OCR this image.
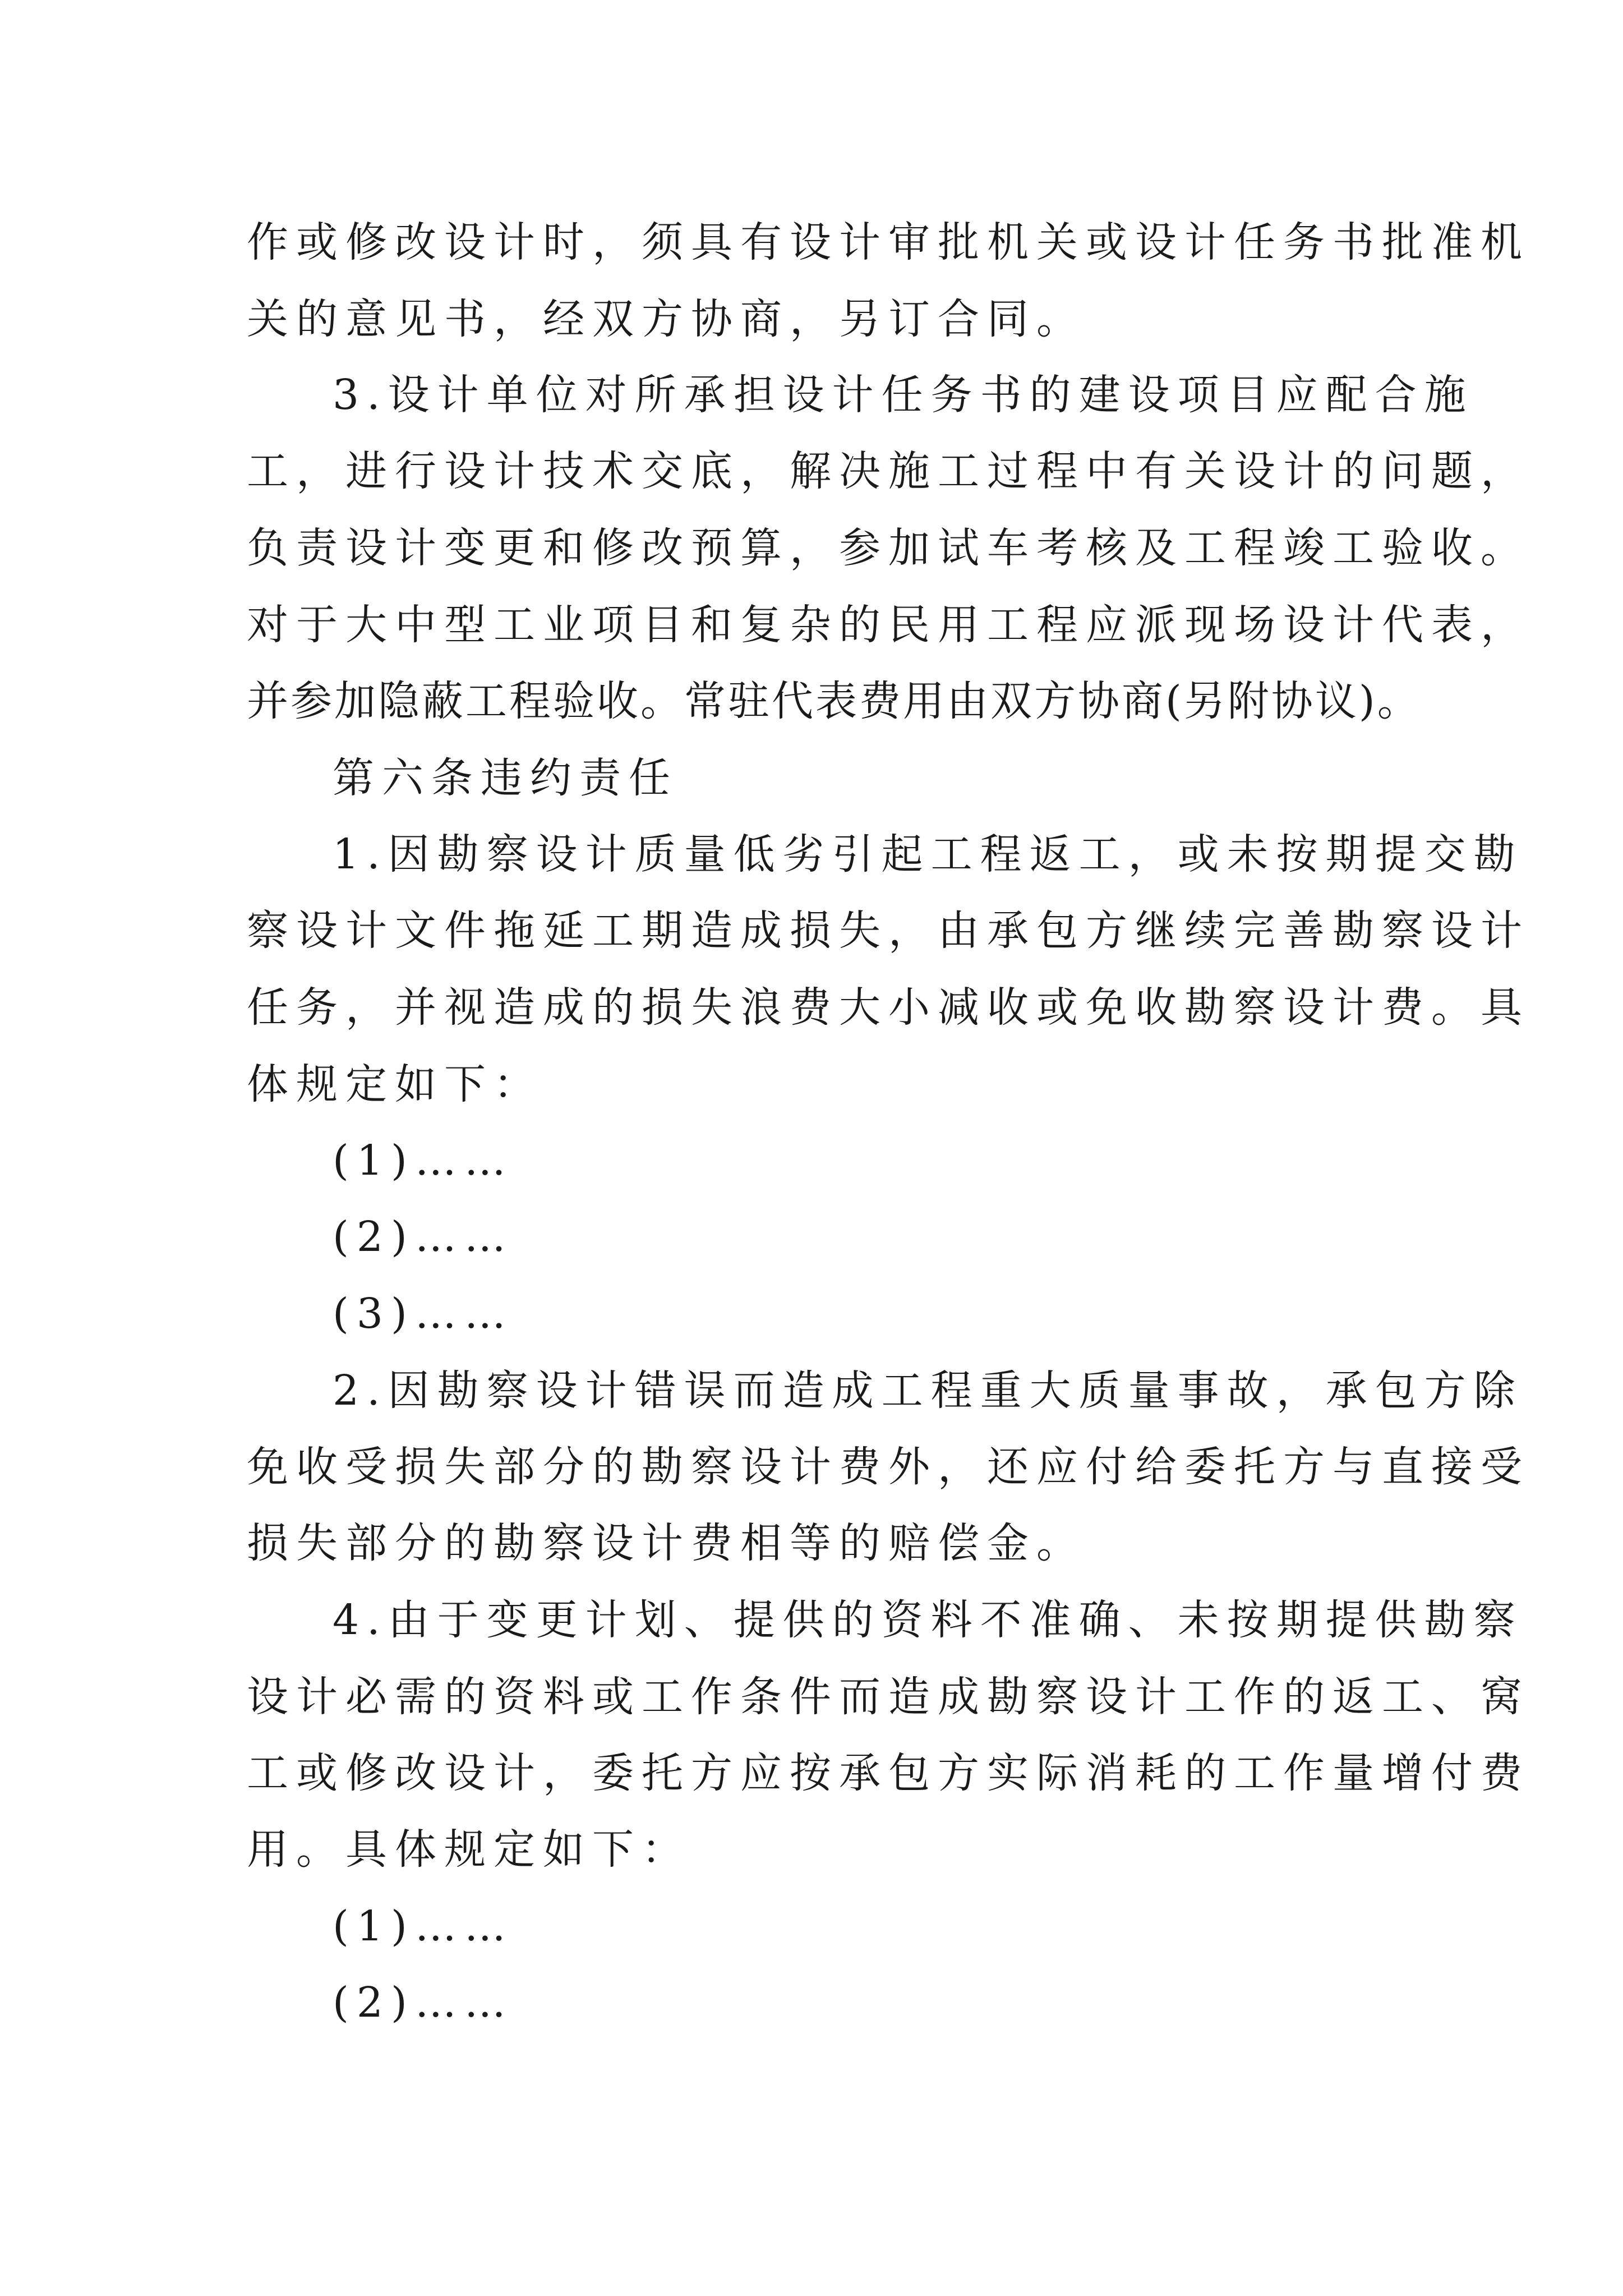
作或修改设计时，须具有设计审批机关或设计任务书批准机
关的意见书，经双方协商，另订合同。
3.设计单位对所承担设计任务书的建设项目应配合施
工，进行设计技术交底，解决施工过程中有关设计的问题，
负责设计变更和修改预算，参加试车考核及工程竣工验收。
对于大中型工业项目和复杂的民用工程应派现场设计代表，
并参加隐蔽工程验收。常驻代表费用由双方协商(另附协议)。
第六条违约责任
1.因勘察设计质量低劣引起工程返工，或未按期提交勘
察设计文件拖延工期造成损失，由承包方继续完善勘察设计
任务，并视造成的损失浪费大小减收或免收勘察设计费。具
体规定如下：
(1)……
(2)……
(3)……
2.因勘察设计错误而造成工程重大质量事故，承包方除
免收受损失部分的勘察设计费外，还应付给委托方与直接受
损失部分的勘察设计费相等的赔偿金。
4.由于变更计划、提供的资料不准确、未按期提供勘察
设计必需的资料或工作条件而造成勘察设计工作的返工、窝
工或修改设计，委托方应按承包方实际消耗的工作量增付费
用。具体规定如下：
(1)……
(2)……
